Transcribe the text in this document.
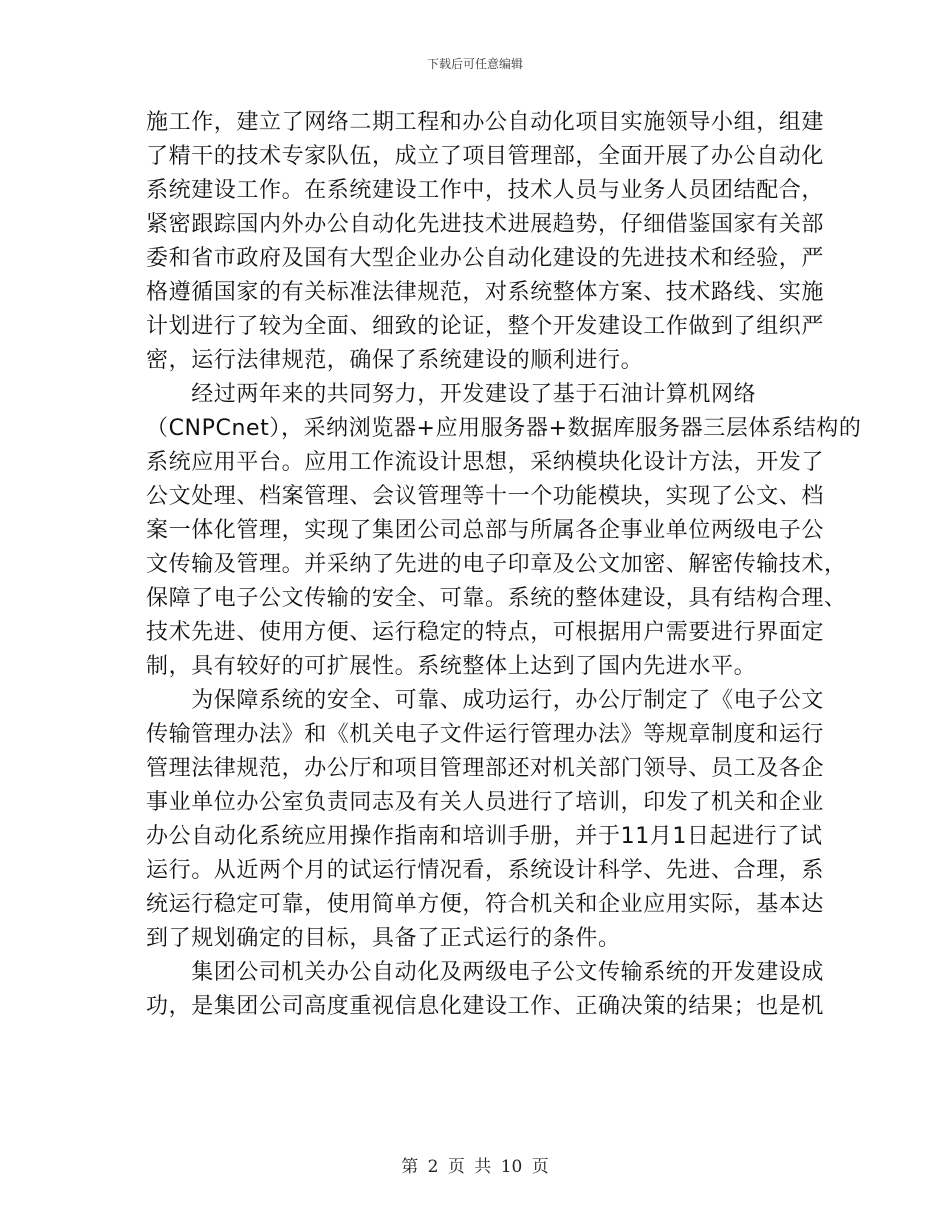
下载后可任意编辑
施工作，建立了网络二期工程和办公自动化项目实施领导小组，组建
了精干的技术专家队伍，成立了项目管理部，全面开展了办公自动化
系统建设工作。在系统建设工作中，技术人员与业务人员团结配合，
紧密跟踪国内外办公自动化先进技术进展趋势，仔细借鉴国家有关部
委和省市政府及国有大型企业办公自动化建设的先进技术和经验，严
格遵循国家的有关标准法律规范，对系统整体方案、技术路线、实施
计划进行了较为全面、细致的论证，整个开发建设工作做到了组织严
密，运行法律规范，确保了系统建设的顺利进行。
　　经过两年来的共同努力，开发建设了基于石油计算机网络
（CNPCnet），采纳浏览器+应用服务器+数据库服务器三层体系结构的
系统应用平台。应用工作流设计思想，采纳模块化设计方法，开发了
公文处理、档案管理、会议管理等十一个功能模块，实现了公文、档
案一体化管理，实现了集团公司总部与所属各企事业单位两级电子公
文传输及管理。并采纳了先进的电子印章及公文加密、解密传输技术，
保障了电子公文传输的安全、可靠。系统的整体建设，具有结构合理、
技术先进、使用方便、运行稳定的特点，可根据用户需要进行界面定
制，具有较好的可扩展性。系统整体上达到了国内先进水平。
　　为保障系统的安全、可靠、成功运行，办公厅制定了《电子公文
传输管理办法》和《机关电子文件运行管理办法》等规章制度和运行
管理法律规范，办公厅和项目管理部还对机关部门领导、员工及各企
事业单位办公室负责同志及有关人员进行了培训，印发了机关和企业
办公自动化系统应用操作指南和培训手册，并于11月1日起进行了试
运行。从近两个月的试运行情况看，系统设计科学、先进、合理，系
统运行稳定可靠，使用简单方便，符合机关和企业应用实际，基本达
到了规划确定的目标，具备了正式运行的条件。
　　集团公司机关办公自动化及两级电子公文传输系统的开发建设成
功，是集团公司高度重视信息化建设工作、正确决策的结果；也是机
第 2 页 共 10 页
